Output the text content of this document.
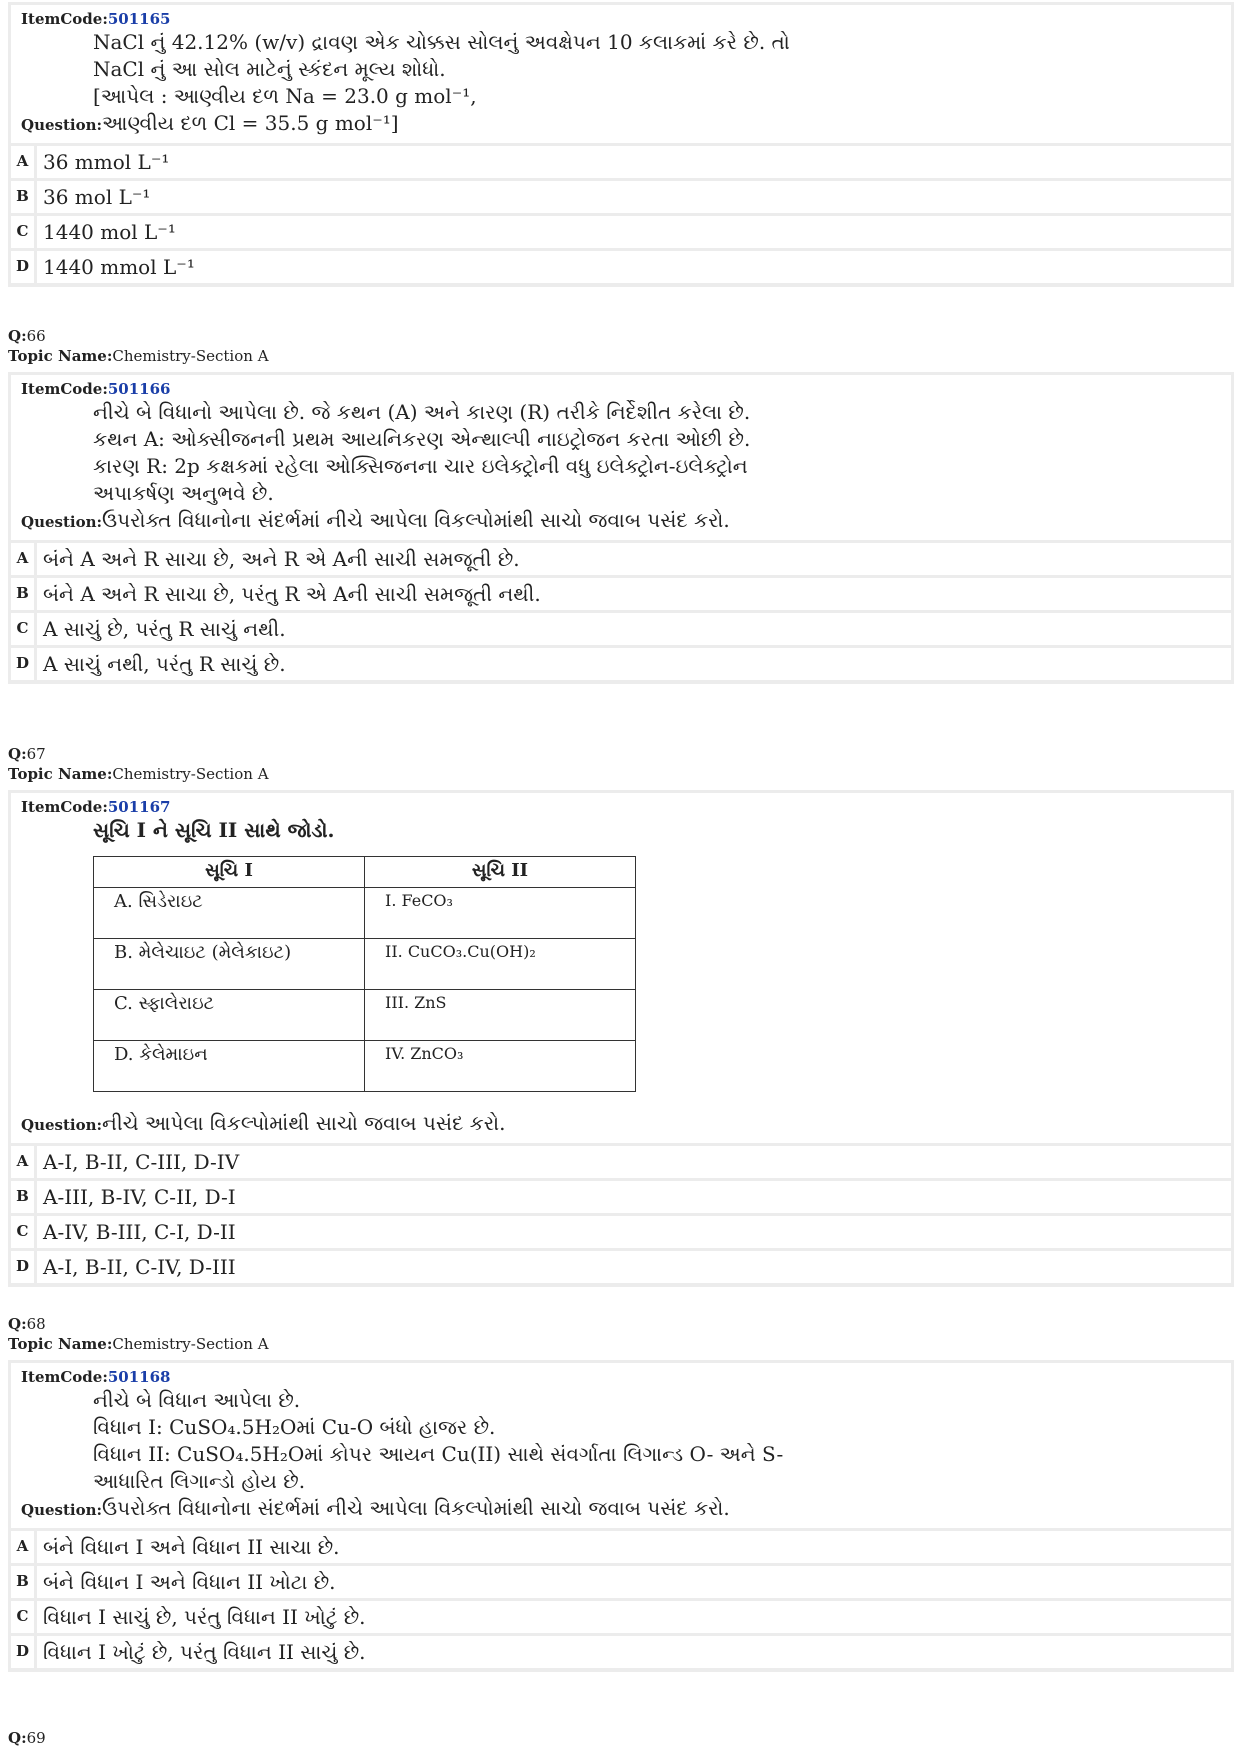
ItemCode:501165
NaCl નું 42.12% (w/v) દ્રાવણ એક ચોક્કસ સોલનું અવક્ષેપન 10 કલાકમાં કરે છે. તો
NaCl નું આ સોલ માટેનું સ્કંદન મૂલ્ય શોધો.
[આપેલ : આણ્વીય દળ Na = 23.0 g mol⁻¹,
Question:આણ્વીય દળ Cl = 35.5 g mol⁻¹]
A 36 mmol L⁻¹
B 36 mol L⁻¹
C 1440 mol L⁻¹
D 1440 mmol L⁻¹
Q:66
Topic Name:Chemistry-Section A
ItemCode:501166
નીચે બે વિધાનો આપેલા છે. જે કથન (A) અને કારણ (R) તરીકે નિર્દેશીત કરેલા છે.
કથન A: ઓક્સીજનની પ્રથમ આયનિકરણ એન્થાલ્પી નાઇટ્રોજન કરતા ઓછી છે.
કારણ R: 2p કક્ષકમાં રહેલા ઓક્સિજનના ચાર ઇલેક્ટ્રોની વધુ ઇલેક્ટ્રોન-ઇલેક્ટ્રોન
અપાકર્ષણ અનુભવે છે.
Question:ઉપરોક્ત વિધાનોના સંદર્ભમાં નીચે આપેલા વિકલ્પોમાંથી સાચો જવાબ પસંદ કરો.
A બંને A અને R સાચા છે, અને R એ Aની સાચી સમજૂતી છે.
B બંને A અને R સાચા છે, પરંતુ R એ Aની સાચી સમજૂતી નથી.
C A સાચું છે, પરંતુ R સાચું નથી.
D A સાચું નથી, પરંતુ R સાચું છે.
Q:67
Topic Name:Chemistry-Section A
ItemCode:501167
સૂચિ I ને સૂચિ II સાથે જોડો.
સૂચિ I	સૂચિ II
A. સિડેરાઇટ	I. FeCO₃
B. મેલેચાઇટ (મેલેકાઇટ)	II. CuCO₃.Cu(OH)₂
C. સ્ફાલેરાઇટ	III. ZnS
D. કેલેમાઇન	IV. ZnCO₃
Question:નીચે આપેલા વિકલ્પોમાંથી સાચો જવાબ પસંદ કરો.
A A-I, B-II, C-III, D-IV
B A-III, B-IV, C-II, D-I
C A-IV, B-III, C-I, D-II
D A-I, B-II, C-IV, D-III
Q:68
Topic Name:Chemistry-Section A
ItemCode:501168
નીચે બે વિધાન આપેલા છે.
વિધાન I: CuSO₄.5H₂Oમાં Cu-O બંધો હાજર છે.
વિધાન II: CuSO₄.5H₂Oમાં કોપર આયન Cu(II) સાથે સંવર્ગાતા લિગાન્ડ O- અને S-
આધારિત લિગાન્ડો હોય છે.
Question:ઉપરોક્ત વિધાનોના સંદર્ભમાં નીચે આપેલા વિકલ્પોમાંથી સાચો જવાબ પસંદ કરો.
A બંને વિધાન I અને વિધાન II સાચા છે.
B બંને વિધાન I અને વિધાન II ખોટા છે.
C વિધાન I સાચું છે, પરંતુ વિધાન II ખોટું છે.
D વિધાન I ખોટું છે, પરંતુ વિધાન II સાચું છે.
Q:69
